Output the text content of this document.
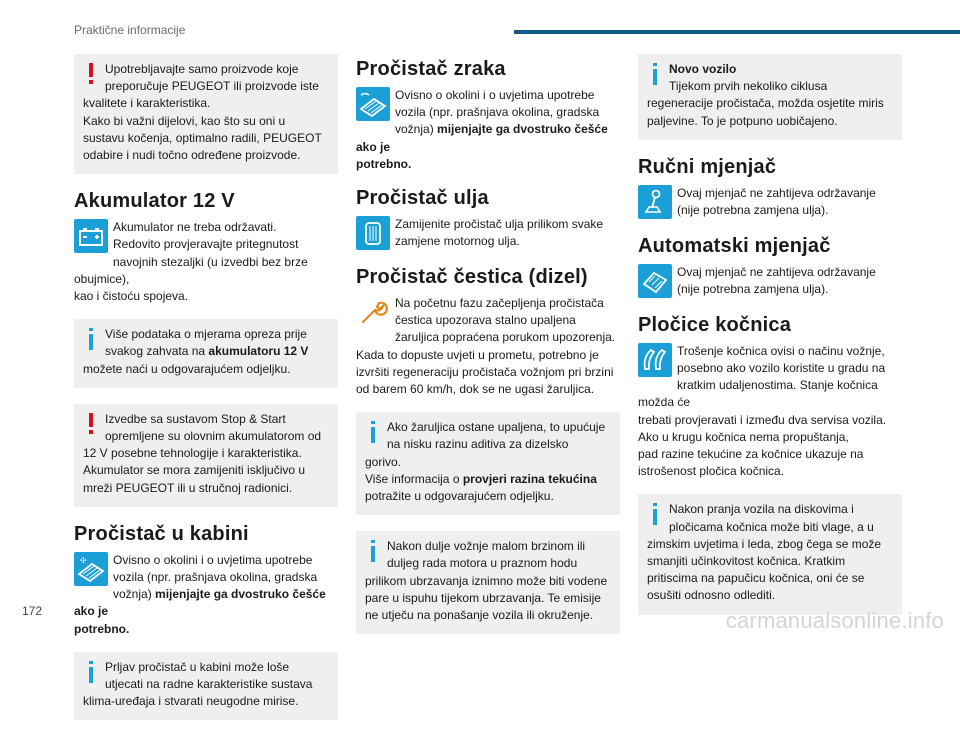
Praktične informacije
Upotrebljavajte samo proizvode koje
preporučuje PEUGEOT ili proizvode iste
kvalitete i karakteristika.
Kako bi važni dijelovi, kao što su oni u
sustavu kočenja, optimalno radili, PEUGEOT
odabire i nudi točno određene proizvode.
Akumulator 12 V
Akumulator ne treba održavati.
Redovito provjeravajte pritegnutost
navojnih stezaljki (u izvedbi bez brze obujmice),
kao i čistoću spojeva.
Više podataka o mjerama opreza prije
svakog zahvata na akumulatoru 12 V
možete naći u odgovarajućem odjeljku.
Izvedbe sa sustavom Stop & Start
opremljene su olovnim akumulatorom od
12 V posebne tehnologije i karakteristika.
Akumulator se mora zamijeniti isključivo u
mreži PEUGEOT ili u stručnoj radionici.
Pročistač u kabini
✣	Ovisno o okolini i o uvjetima upotrebe
vozila (npr. prašnjava okolina, gradska
vožnja) mijenjajte ga dvostruko češće ako je
potrebno.
Prljav pročistač u kabini može loše
utjecati na radne karakteristike sustava
klima-uređaja i stvarati neugodne mirise.
Pročistač zraka
Ovisno o okolini i o uvjetima upotrebe
vozila (npr. prašnjava okolina, gradska
vožnja) mijenjajte ga dvostruko češće ako je
potrebno.
Pročistač ulja
Zamijenite pročistač ulja prilikom svake
zamjene motornog ulja.
Pročistač čestica (dizel)
Na početnu fazu začepljenja pročistača
čestica upozorava stalno upaljena
žaruljica popraćena porukom upozorenja.
Kada to dopuste uvjeti u prometu, potrebno je
izvršiti regeneraciju pročistača vožnjom pri brzini
od barem 60 km/h, dok se ne ugasi žaruljica.
Ako žaruljica ostane upaljena, to upućuje
na nisku razinu aditiva za dizelsko
gorivo.
Više informacija o provjeri razina tekućina
potražite u odgovarajućem odjeljku.
Nakon dulje vožnje malom brzinom ili
duljeg rada motora u praznom hodu
prilikom ubrzavanja iznimno može biti vodene
pare u ispuhu tijekom ubrzavanja. Te emisije
ne utječu na ponašanje vozila ili okruženje.
Novo vozilo
Tijekom prvih nekoliko ciklusa
regeneracije pročistača, možda osjetite miris
paljevine. To je potpuno uobičajeno.
Ručni mjenjač
Ovaj mjenjač ne zahtijeva održavanje
(nije potrebna zamjena ulja).
Automatski mjenjač
Ovaj mjenjač ne zahtijeva održavanje
(nije potrebna zamjena ulja).
Pločice kočnica
Trošenje kočnica ovisi o načinu vožnje,
posebno ako vozilo koristite u gradu na
kratkim udaljenostima. Stanje kočnica možda će
trebati provjeravati i između dva servisa vozila.
Ako u krugu kočnica nema propuštanja,
pad razine tekućine za kočnice ukazuje na
istrošenost pločica kočnica.
Nakon pranja vozila na diskovima i
pločicama kočnica može biti vlage, a u
zimskim uvjetima i leda, zbog čega se može
smanjiti učinkovitost kočnica. Kratkim
pritiscima na papučicu kočnica, oni će se
osušiti odnosno odlediti.
172	carmanualsonline.info
